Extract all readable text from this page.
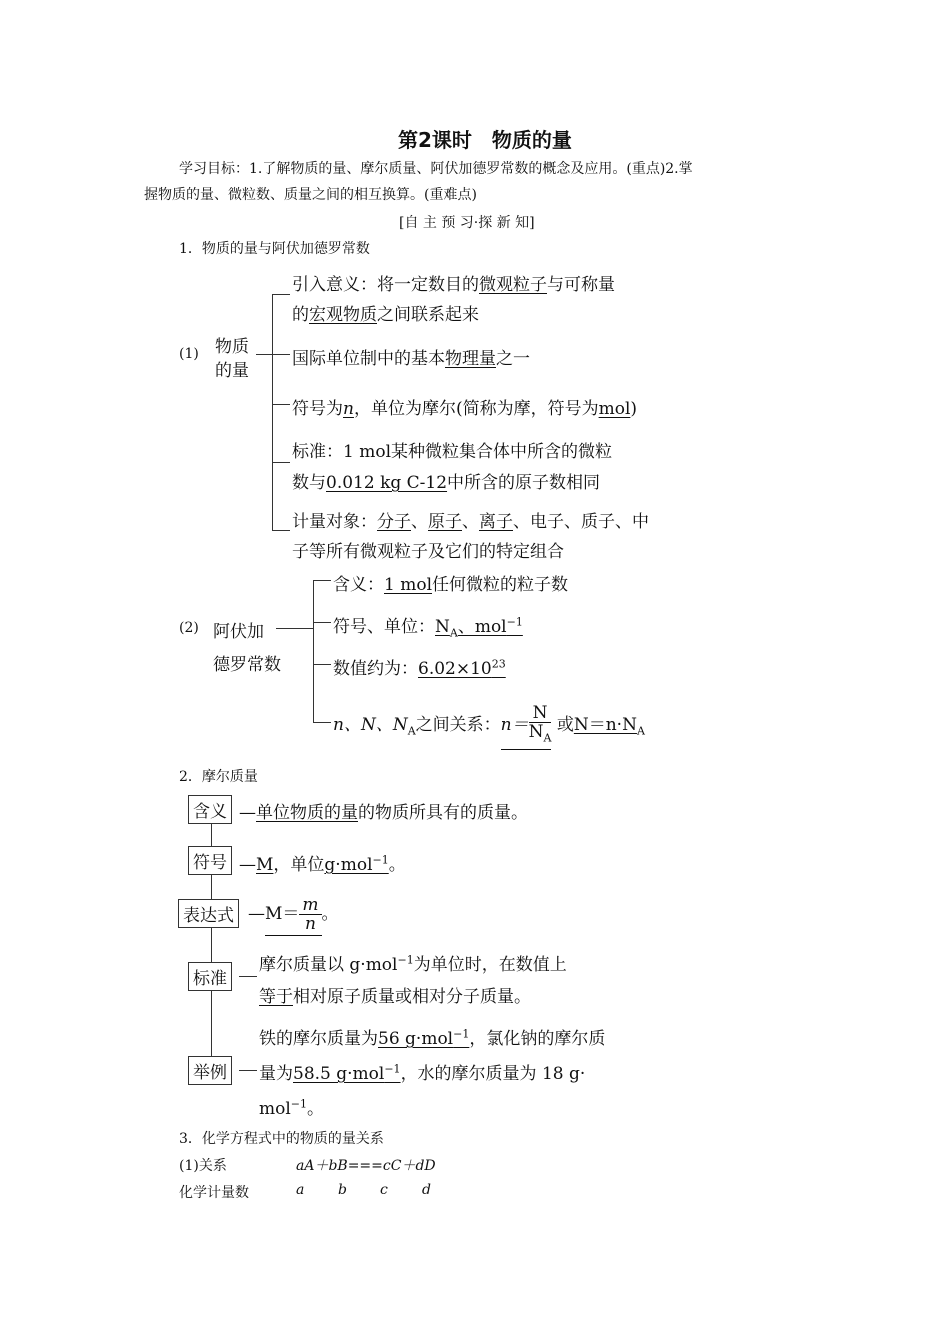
第2课时　物质的量
学习目标：1.了解物质的量、摩尔质量、阿伏加德罗常数的概念及应用。(重点)2.掌
握物质的量、微粒数、质量之间的相互换算。(重难点)
[自 主 预 习·探 新 知]
1．物质的量与阿伏加德罗常数
(1) 物质
的量
引入意义：将一定数目的微观粒子与可称量
的宏观物质之间联系起来
国际单位制中的基本物理量之一
符号为n，单位为摩尔(简称为摩，符号为mol)
标准：1 mol某种微粒集合体中所含的微粒
数与0.012 kg C-12中所含的原子数相同
计量对象：分子、原子、离子、电子、质子、中
子等所有微观粒子及它们的特定组合
(2) 阿伏加
德罗常数
含义：1 mol任何微粒的粒子数
符号、单位：$N_A$、mol$^{-1}$
数值约为：$6.02\times 10^{23}$
n、N、$N_A$之间关系：$n= \frac{N}{N_A}$ 或$N=n\cdot N_A$
2．摩尔质量
含义 —单位物质的量的物质所具有的质量。
符号 —M，单位g·mol$^{-1}$。
表达式 —M＝ $\frac{m}{n}$ 。
标准
摩尔质量以 g·mol$^{-1}$为单位时，在数值上
等于相对原子质量或相对分子质量。
举例
铁的摩尔质量为56 g·mol$^{-1}$，氯化钠的摩尔质
量为58.5 g·mol$^{-1}$，水的摩尔质量为 18 g·
mol$^{-1}$。
3．化学方程式中的物质的量关系
(1)关系	aA＋bB===cC＋dD
化学计量数	a b c d
